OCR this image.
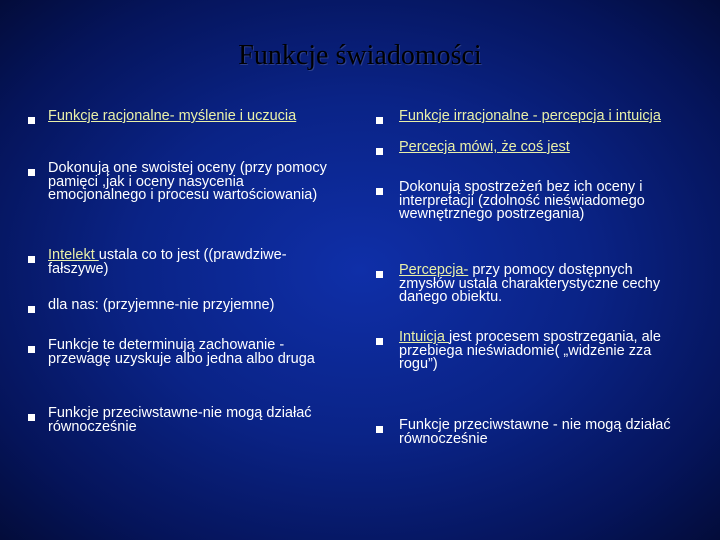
Funkcje świadomości
Funkcje racjonalne- myślenie i uczucia
Dokonują one swoistej oceny (przy pomocy pamięci ,jak i oceny nasycenia emocjonalnego i procesu wartościowania)
Intelekt ustala co to jest ((prawdziwe-fałszywe)
dla nas: (przyjemne-nie przyjemne)
Funkcje te determinują zachowanie - przewagę uzyskuje albo jedna albo druga
Funkcje przeciwstawne-nie mogą działać równocześnie
Funkcje irracjonalne - percepcja i intuicja
Percecja mówi, że coś jest
Dokonują spostrzeżeń bez ich oceny i interpretacji (zdolność nieświadomego wewnętrznego postrzegania)
Percepcja- przy pomocy dostępnych zmysłów ustala charakterystyczne cechy danego obiektu.
Intuicja jest procesem spostrzegania, ale przebiega nieświadomie( „widzenie zza rogu”)
Funkcje przeciwstawne - nie mogą działać równocześnie
